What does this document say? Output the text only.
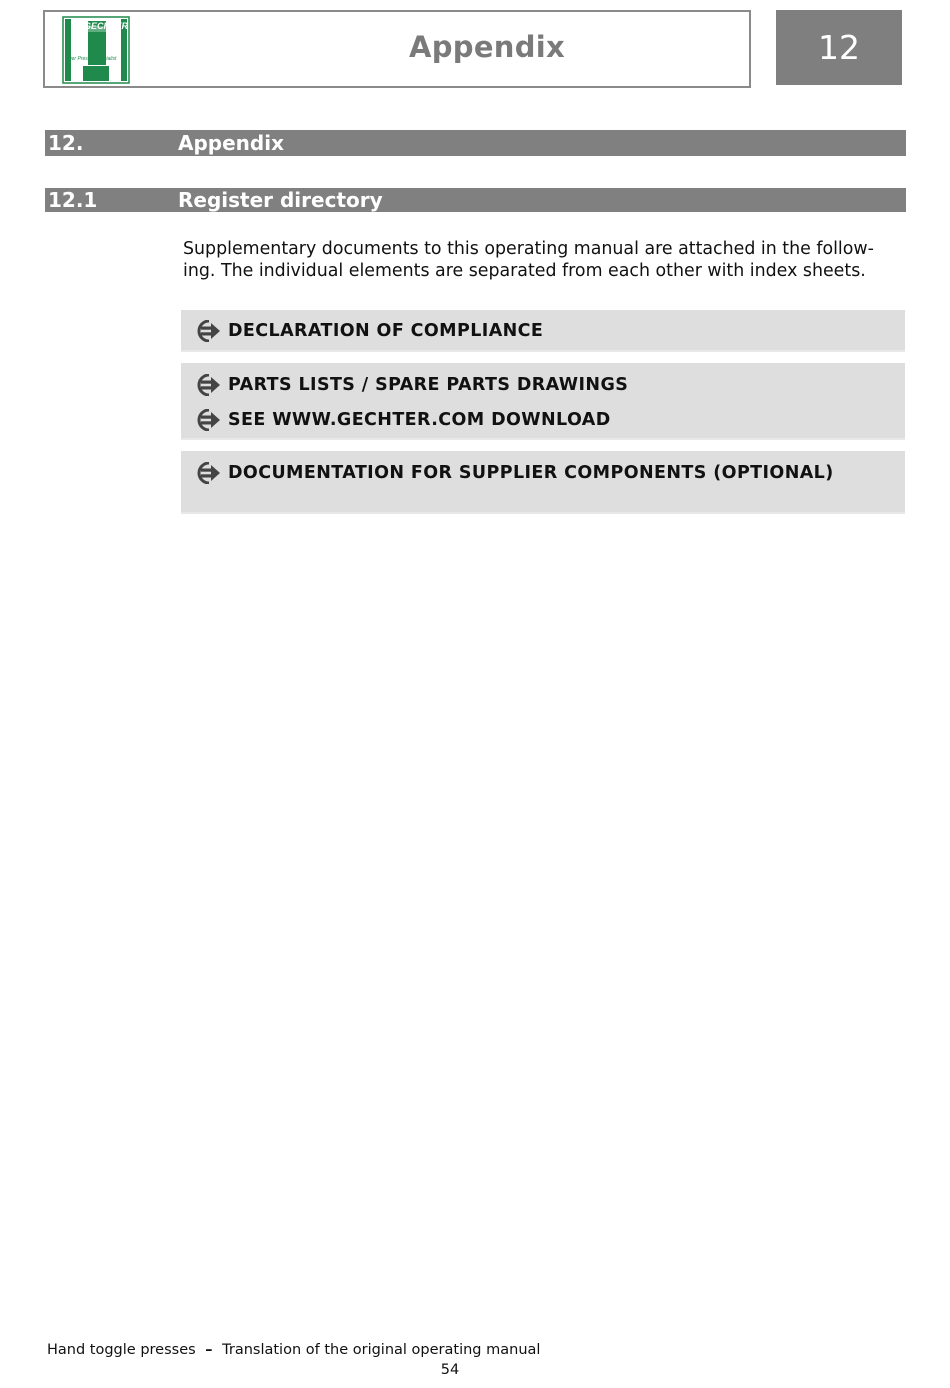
GECHTER
Der Pressenspezialist	Appendix	12
12.	Appendix
12.1	Register directory
Supplementary documents to this operating manual are attached in the follow-
ing. The individual elements are separated from each other with index sheets.
DECLARATION OF COMPLIANCE
PARTS LISTS / SPARE PARTS DRAWINGS
SEE WWW.GECHTER.COM DOWNLOAD
DOCUMENTATION FOR SUPPLIER COMPONENTS (OPTIONAL)
Hand toggle presses – Translation of the original operating manual
54
